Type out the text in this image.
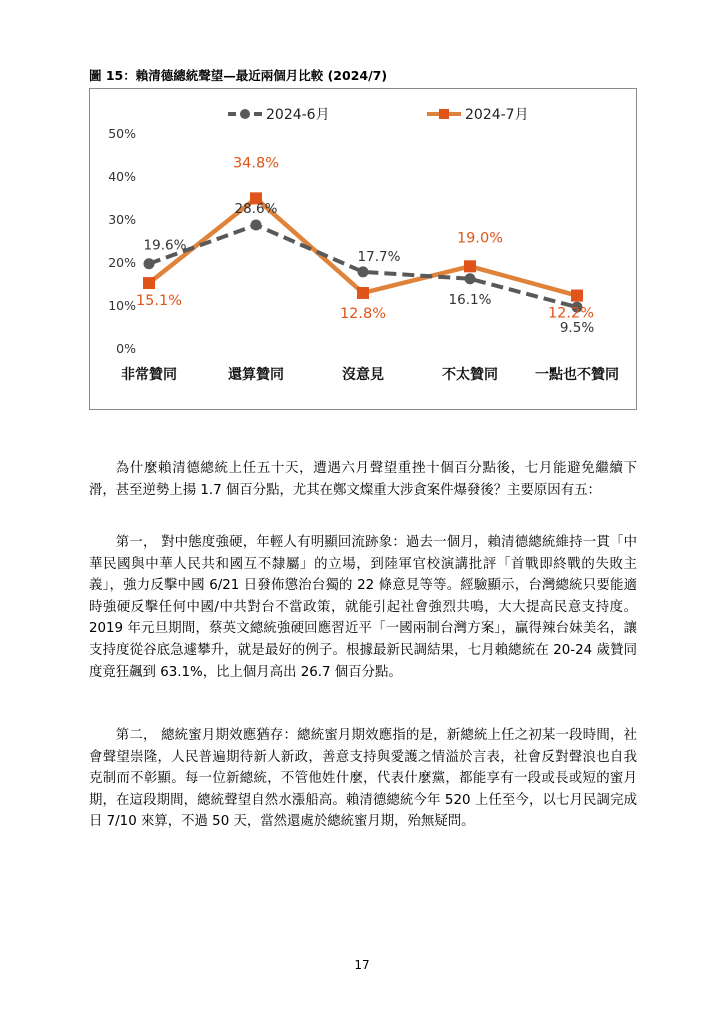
圖 15：賴清德總統聲望—最近兩個月比較 (2024/7)
0%
10%
20%
30%
40%
50%
非常贊同	還算贊同	沒意見	不太贊同	一點也不贊同
2024-6月	2024-7月
19.6%
28.6%
17.7%
16.1%
9.5%
15.1%
34.8%
12.8%
19.0%
12.2%

為什麼賴清德總統上任五十天，遭遇六月聲望重挫十個百分點後，七月能避免繼續下滑，甚至逆勢上揚 1.7 個百分點，尤其在鄭文燦重大涉貪案件爆發後？主要原因有五：

第一， 對中態度強硬，年輕人有明顯回流跡象：過去一個月，賴清德總統維持一貫「中華民國與中華人民共和國互不隸屬」的立場，到陸軍官校演講批評「首戰即終戰的失敗主義」，強力反擊中國 6/21 日發佈懲治台獨的 22 條意見等等。經驗顯示，台灣總統只要能適時強硬反擊任何中國/中共對台不當政策，就能引起社會強烈共鳴，大大提高民意支持度。2019 年元旦期間，蔡英文總統強硬回應習近平「一國兩制台灣方案」，贏得辣台妹美名，讓支持度從谷底急遽攀升，就是最好的例子。根據最新民調結果，七月賴總統在 20-24 歲贊同度竟狂飆到 63.1%，比上個月高出 26.7 個百分點。

第二， 總統蜜月期效應猶存：總統蜜月期效應指的是，新總統上任之初某一段時間，社會聲望崇隆，人民普遍期待新人新政，善意支持與愛護之情溢於言表，社會反對聲浪也自我克制而不彰顯。每一位新總統，不管他姓什麼，代表什麼黨，都能享有一段或長或短的蜜月期，在這段期間，總統聲望自然水漲船高。賴清德總統今年 520 上任至今，以七月民調完成日 7/10 來算，不過 50 天，當然還處於總統蜜月期，殆無疑問。

17
